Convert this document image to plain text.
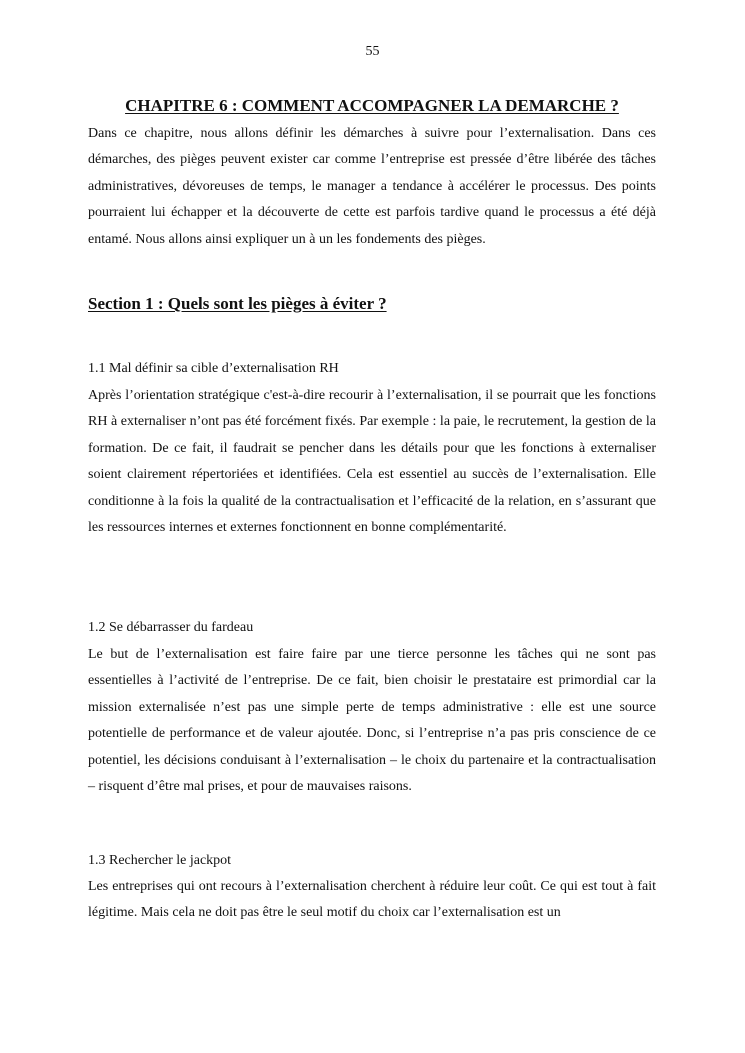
55
CHAPITRE 6 : COMMENT ACCOMPAGNER LA DEMARCHE ?

Dans ce chapitre, nous allons définir les démarches à suivre pour l’externalisation. Dans ces démarches, des pièges peuvent exister car comme l’entreprise est pressée d’être libérée des tâches administratives, dévoreuses de temps, le manager a tendance à accélérer le processus. Des points pourraient lui échapper et la découverte de cette est parfois tardive quand le processus a été déjà entamé. Nous allons ainsi expliquer un à un les fondements des pièges.

Section 1 : Quels sont les pièges à éviter ?
1.1 Mal définir sa cible d’externalisation RH

Après l’orientation stratégique c'est-à-dire recourir à l’externalisation, il se pourrait que les fonctions RH à externaliser n’ont pas été forcément fixés. Par exemple : la paie, le recrutement, la gestion de la formation. De ce fait, il faudrait se pencher dans les détails pour que les fonctions à externaliser soient clairement répertoriées et identifiées. Cela est essentiel au succès de l’externalisation. Elle conditionne à la fois la qualité de la contractualisation et l’efficacité de la relation, en s’assurant que les ressources internes et externes fonctionnent en bonne complémentarité.

1.2 Se débarrasser du fardeau

Le but de l’externalisation est faire faire par une tierce personne les tâches qui ne sont pas essentielles à l’activité de l’entreprise. De ce fait, bien choisir le prestataire est primordial car la mission externalisée n’est pas une simple perte de temps administrative : elle est une source potentielle de performance et de valeur ajoutée. Donc, si l’entreprise n’a pas pris conscience de ce potentiel, les décisions conduisant à l’externalisation – le choix du partenaire et la contractualisation – risquent d’être mal prises, et pour de mauvaises raisons.

1.3 Rechercher le jackpot

Les entreprises qui ont recours à l’externalisation cherchent à réduire leur coût. Ce qui est tout à fait légitime. Mais cela ne doit pas être le seul motif du choix car l’externalisation est un
